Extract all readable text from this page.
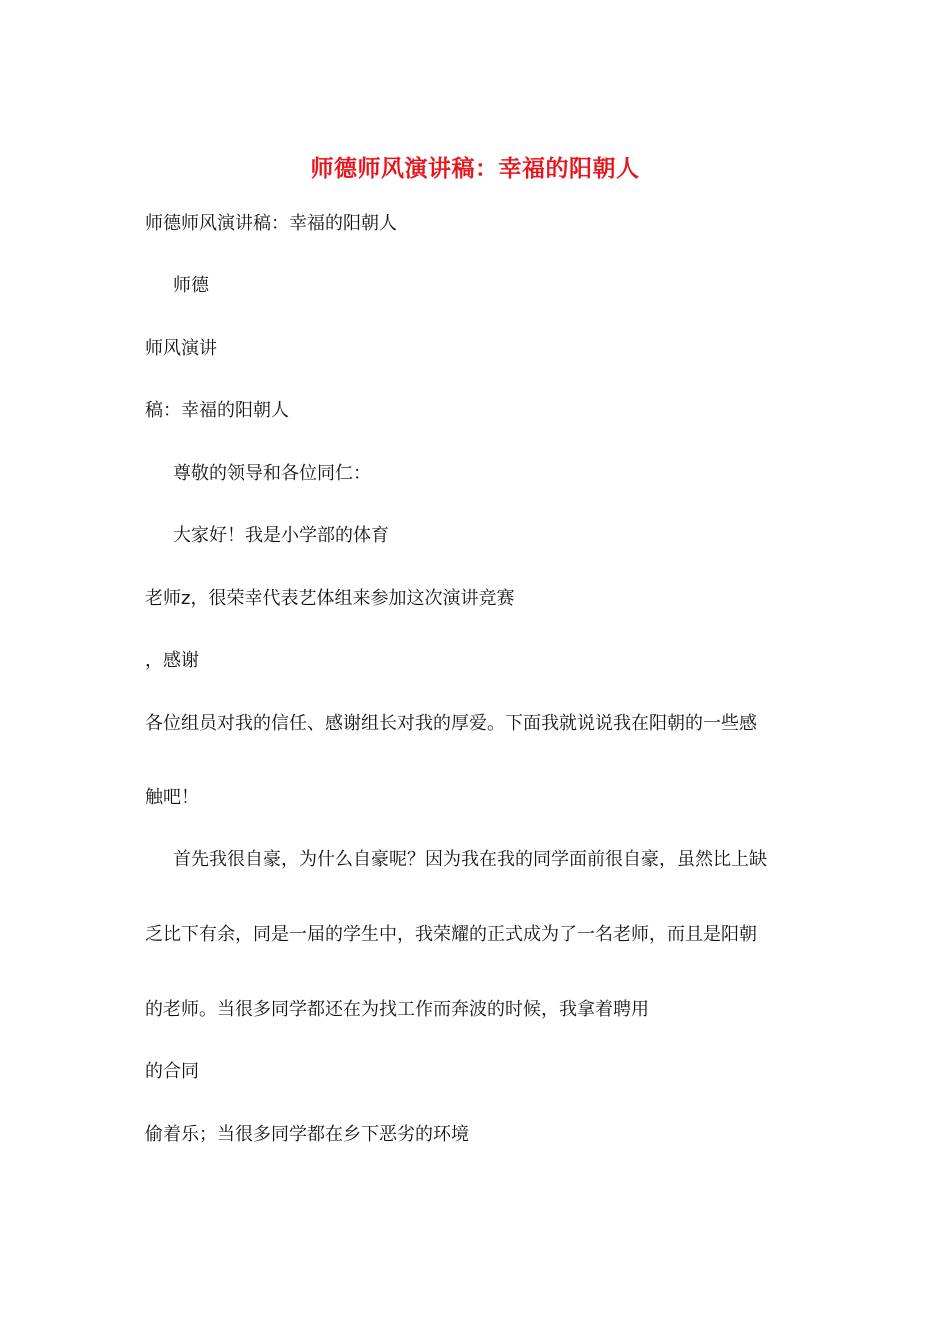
师德师风演讲稿：幸福的阳朝人
师德师风演讲稿：幸福的阳朝人
师德
师风演讲
稿：幸福的阳朝人
尊敬的领导和各位同仁：
大家好！我是小学部的体育
老师z，很荣幸代表艺体组来参加这次演讲竞赛
，感谢
各位组员对我的信任、感谢组长对我的厚爱。下面我就说说我在阳朝的一些感
触吧！
首先我很自豪，为什么自豪呢？因为我在我的同学面前很自豪，虽然比上缺
乏比下有余，同是一届的学生中，我荣耀的正式成为了一名老师，而且是阳朝
的老师。当很多同学都还在为找工作而奔波的时候，我拿着聘用
的合同
偷着乐；当很多同学都在乡下恶劣的环境
